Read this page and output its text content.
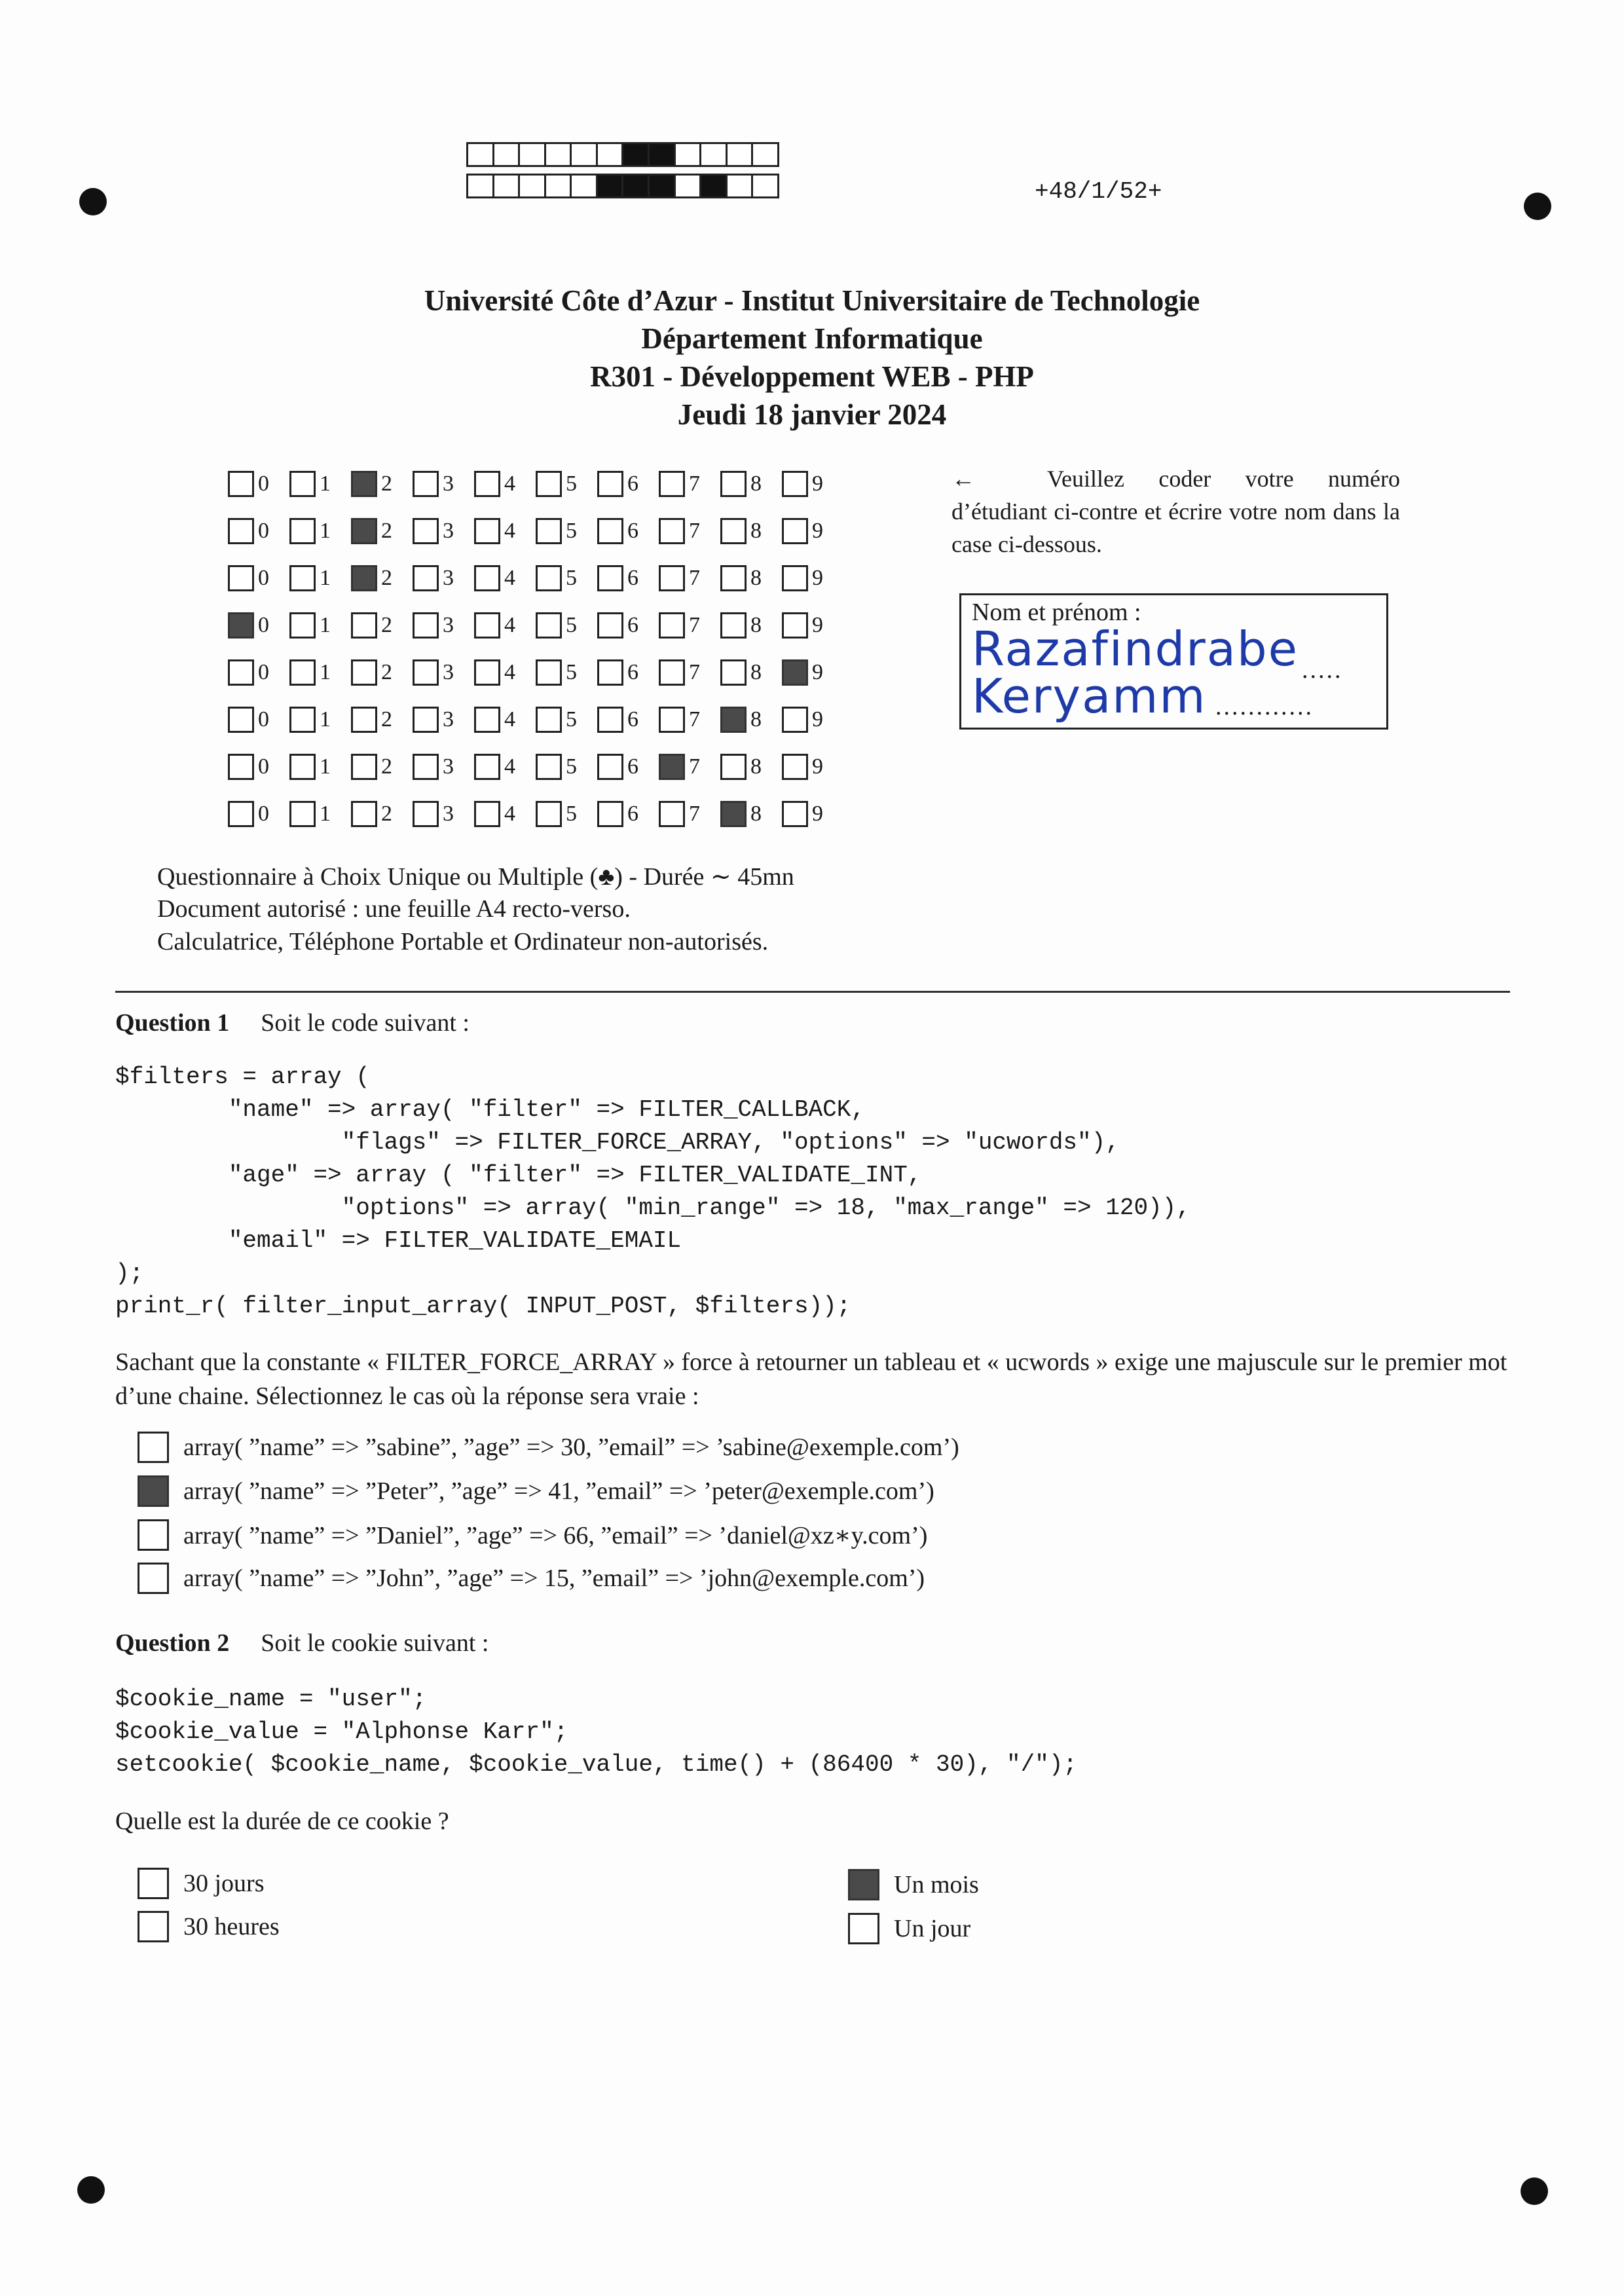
+48/1/52+
Université Côte d’Azur - Institut Universitaire de Technologie
Département Informatique
R301 - Développement WEB - PHP
Jeudi 18 janvier 2024
0 1 2 3 4 5 6 7 8 9
0 1 2 3 4 5 6 7 8 9
0 1 2 3 4 5 6 7 8 9
0 1 2 3 4 5 6 7 8 9
0 1 2 3 4 5 6 7 8 9
0 1 2 3 4 5 6 7 8 9
0 1 2 3 4 5 6 7 8 9
0 1 2 3 4 5 6 7 8 9
←	Veuillez coder votre numéro d’étudiant ci-contre et écrire votre nom dans la case ci-dessous.
Nom et prénom :
Razafindrabe .....
Keryamm ............
Questionnaire à Choix Unique ou Multiple (♣) - Durée ∼ 45mn
Document autorisé : une feuille A4 recto-verso.
Calculatrice, Téléphone Portable et Ordinateur non-autorisés.
Question 1 Soit le code suivant :
$filters = array (
"name" => array( "filter" => FILTER_CALLBACK,
"flags" => FILTER_FORCE_ARRAY, "options" => "ucwords"),
"age" => array ( "filter" => FILTER_VALIDATE_INT,
"options" => array( "min_range" => 18, "max_range" => 120)),
"email" => FILTER_VALIDATE_EMAIL
);
print_r( filter_input_array( INPUT_POST, $filters));
Sachant que la constante « FILTER_FORCE_ARRAY » force à retourner un tableau et « ucwords » exige une majuscule sur le premier mot d’une chaine. Sélectionnez le cas où la réponse sera vraie :
array( ”name” => ”sabine”, ”age” => 30, ”email” => ’sabine@exemple.com’)
array( ”name” => ”Peter”, ”age” => 41, ”email” => ’peter@exemple.com’)
array( ”name” => ”Daniel”, ”age” => 66, ”email” => ’daniel@xz∗y.com’)
array( ”name” => ”John”, ”age” => 15, ”email” => ’john@exemple.com’)
Question 2 Soit le cookie suivant :
$cookie_name = "user";
$cookie_value = "Alphonse Karr";
setcookie( $cookie_name, $cookie_value, time() + (86400 * 30), "/");
Quelle est la durée de ce cookie ?
30 jours
30 heures
Un mois
Un jour
